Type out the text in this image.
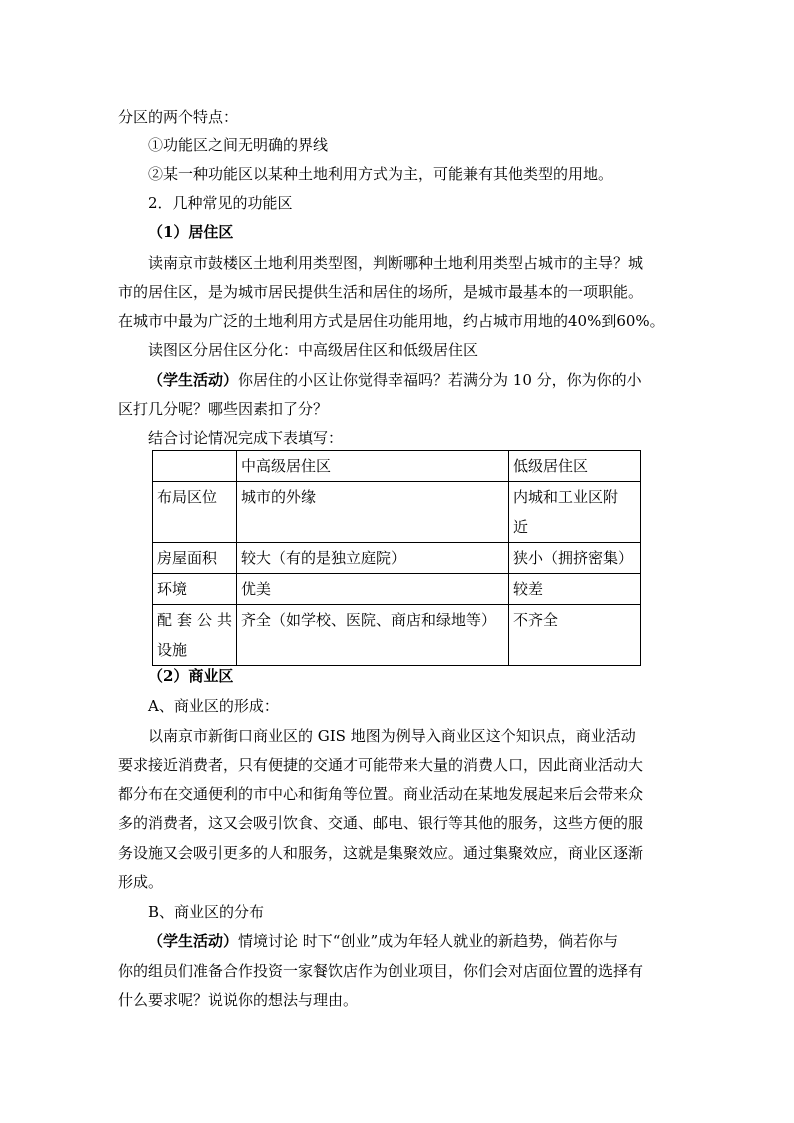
分区的两个特点：
①功能区之间无明确的界线
②某一种功能区以某种土地利用方式为主，可能兼有其他类型的用地。
2．几种常见的功能区
（1）居住区
读南京市鼓楼区土地利用类型图，判断哪种土地利用类型占城市的主导？城
市的居住区，是为城市居民提供生活和居住的场所，是城市最基本的一项职能。
在城市中最为广泛的土地利用方式是居住功能用地，约占城市用地的40%到60%。
读图区分居住区分化：中高级居住区和低级居住区
（学生活动）你居住的小区让你觉得幸福吗？若满分为 10 分，你为你的小
区打几分呢？哪些因素扣了分？
结合讨论情况完成下表填写：
	中高级居住区	低级居住区
布局区位	城市的外缘	内城和工业区附
近

房屋面积	较大（有的是独立庭院）	狭小（拥挤密集）
环境	优美	较差

配套公共
设施	齐全（如学校、医院、商店和绿地等）	不齐全
（2）商业区
A、商业区的形成：
以南京市新街口商业区的 GIS 地图为例导入商业区这个知识点，商业活动
要求接近消费者，只有便捷的交通才可能带来大量的消费人口，因此商业活动大
都分布在交通便利的市中心和街角等位置。商业活动在某地发展起来后会带来众
多的消费者，这又会吸引饮食、交通、邮电、银行等其他的服务，这些方便的服
务设施又会吸引更多的人和服务，这就是集聚效应。通过集聚效应，商业区逐渐
形成。
B、商业区的分布
（学生活动）情境讨论 时下“创业”成为年轻人就业的新趋势，倘若你与
你的组员们准备合作投资一家餐饮店作为创业项目，你们会对店面位置的选择有
什么要求呢？说说你的想法与理由。
